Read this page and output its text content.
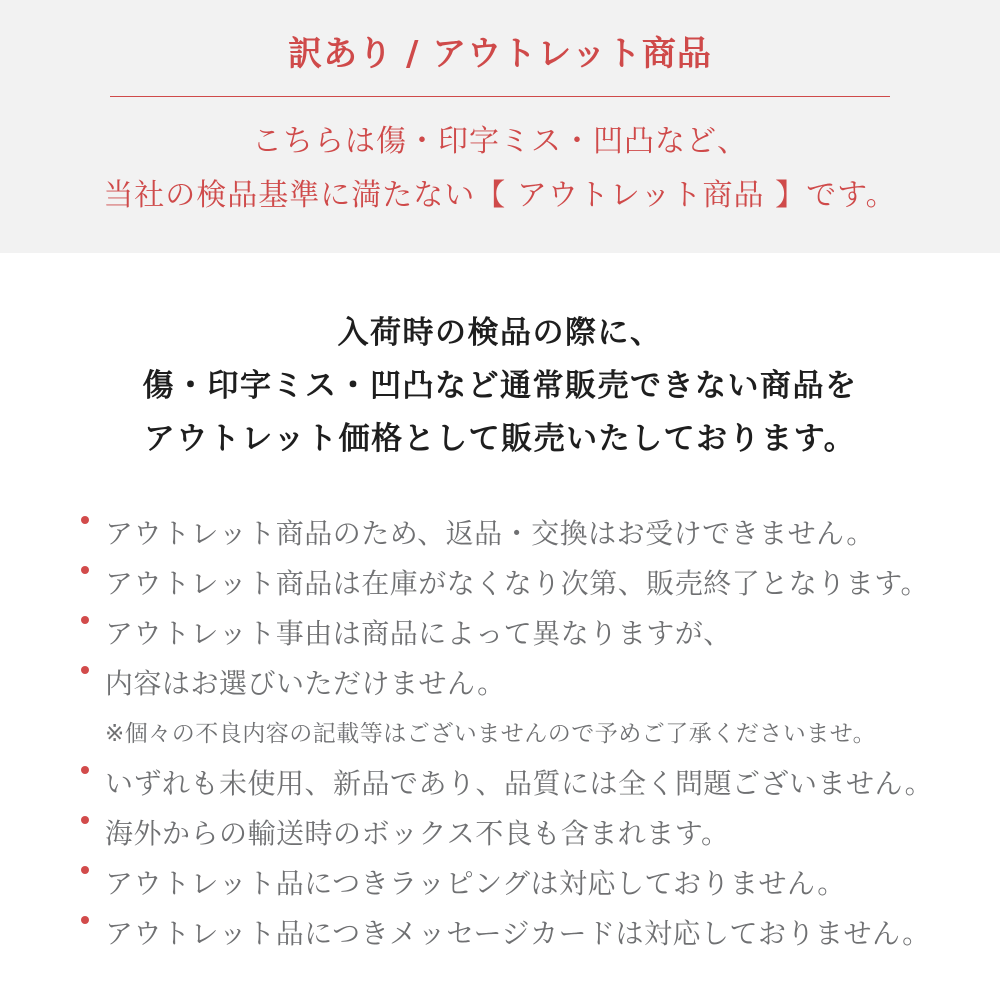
訳あり / アウトレット商品
こちらは傷・印字ミス・凹凸など、
当社の検品基準に満たない【 アウトレット商品 】です。
入荷時の検品の際に、
傷・印字ミス・凹凸など通常販売できない商品を
アウトレット価格として販売いたしております。
アウトレット商品のため、返品・交換はお受けできません。
アウトレット商品は在庫がなくなり次第、販売終了となります。
アウトレット事由は商品によって異なりますが、
内容はお選びいただけません。
※個々の不良内容の記載等はございませんので予めご了承くださいませ。
いずれも未使用、新品であり、品質には全く問題ございません。
海外からの輸送時のボックス不良も含まれます。
アウトレット品につきラッピングは対応しておりません。
アウトレット品につきメッセージカードは対応しておりません。
